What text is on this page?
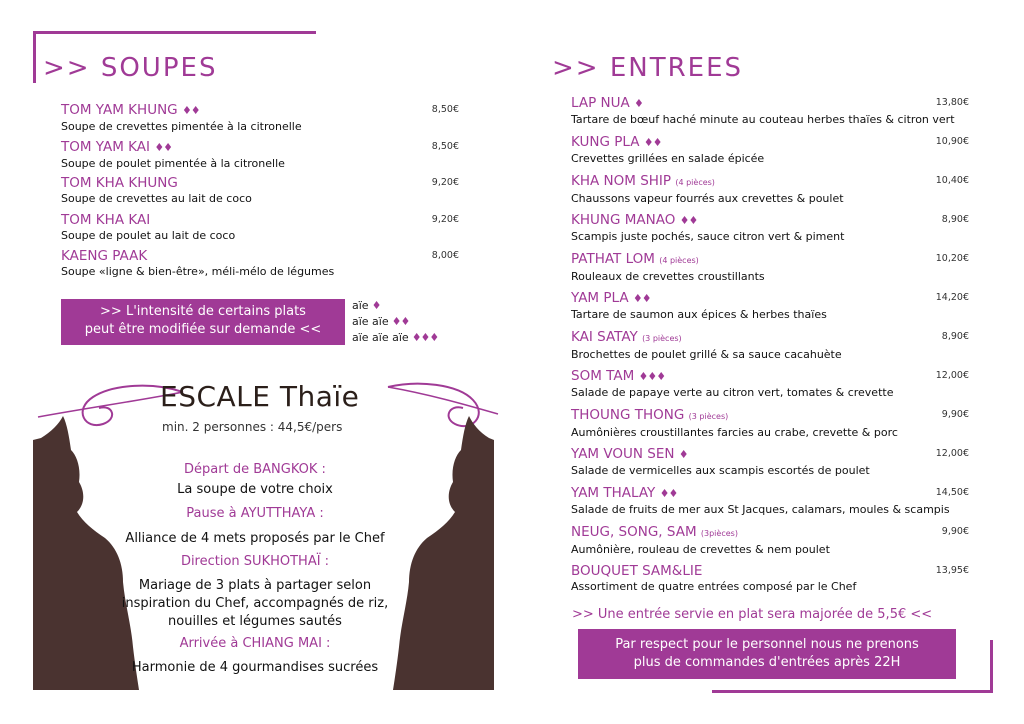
>> SOUPES
TOM YAM KHUNG ♦♦
Soupe de crevettes pimentée à la citronelle
8,50€
TOM YAM KAI ♦♦
Soupe de poulet pimentée à la citronelle
8,50€
TOM KHA KHUNG
Soupe de crevettes au lait de coco
9,20€
TOM KHA KAI
Soupe de poulet au lait de coco
9,20€
KAENG PAAK
Soupe «ligne & bien-être», méli-mélo de légumes
8,00€
>> L'intensité de certains plats
peut être modifiée sur demande <<
aïe ♦
aïe aïe ♦♦
aïe aïe aïe ♦♦♦
ESCALE Thaïe
min. 2 personnes : 44,5€/pers
Départ de BANGKOK :
La soupe de votre choix
Pause à AYUTTHAYA :
Alliance de 4 mets proposés par le Chef
Direction SUKHOTHAÏ :
Mariage de 3 plats à partager selon inspiration du Chef, accompagnés de riz, nouilles et légumes sautés
Arrivée à CHIANG MAI :
Harmonie de 4 gourmandises sucrées
>> ENTREES
LAP NUA ♦
Tartare de bœuf haché minute au couteau herbes thaïes & citron vert
13,80€
KUNG PLA ♦♦
Crevettes grillées en salade épicée
10,90€
KHA NOM SHIP (4 pièces)
Chaussons vapeur fourrés aux crevettes & poulet
10,40€
KHUNG MANAO ♦♦
Scampis juste pochés, sauce citron vert & piment
8,90€
PATHAT LOM (4 pièces)
Rouleaux de crevettes croustillants
10,20€
YAM PLA ♦♦
Tartare de saumon aux épices & herbes thaïes
14,20€
KAI SATAY (3 pièces)
Brochettes de poulet grillé & sa sauce cacahuète
8,90€
SOM TAM ♦♦♦
Salade de papaye verte au citron vert, tomates & crevette
12,00€
THOUNG THONG (3 pièces)
Aumônières croustillantes farcies au crabe, crevette & porc
9,90€
YAM VOUN SEN ♦
Salade de vermicelles aux scampis escortés de poulet
12,00€
YAM THALAY ♦♦
Salade de fruits de mer aux St Jacques, calamars, moules & scampis
14,50€
NEUG, SONG, SAM (3pièces)
Aumônière, rouleau de crevettes & nem poulet
9,90€
BOUQUET SAM&LIE
Assortiment de quatre entrées composé par le Chef
13,95€
>> Une entrée servie en plat sera majorée de 5,5€ <<
Par respect pour le personnel nous ne prenons
plus de commandes d'entrées après 22H
